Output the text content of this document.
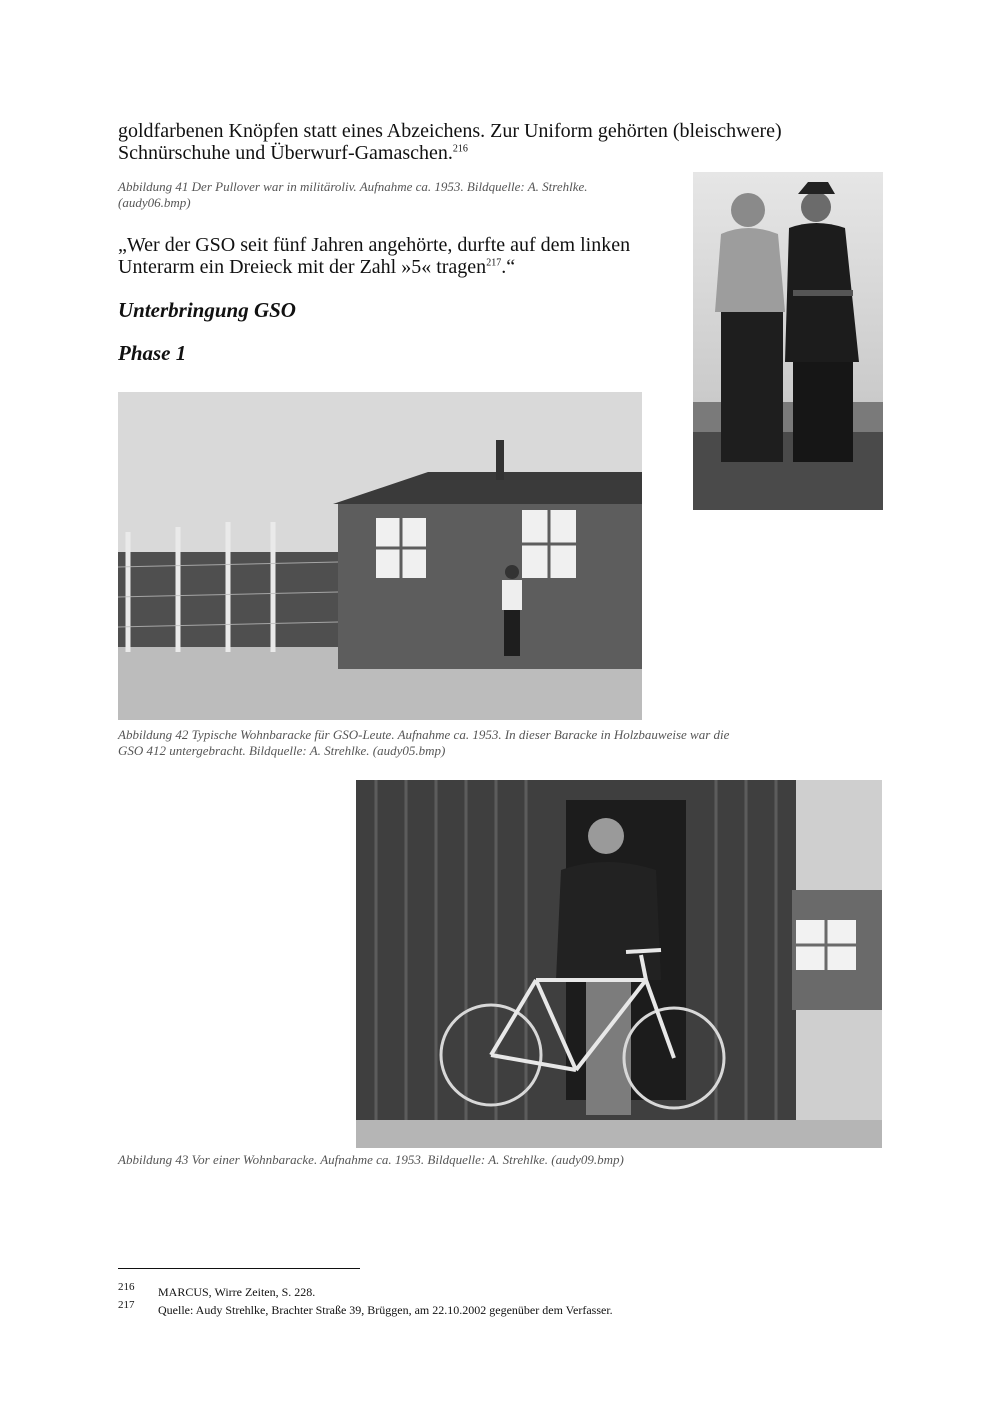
goldfarbenen Knöpfen statt eines Abzeichens. Zur Uniform gehörten (bleischwere)
Schnürschuhe und Überwurf-Gamaschen.$^{216}$
Abbildung 41 Der Pullover war in militäroliv. Aufnahme ca. 1953. Bildquelle: A. Strehlke.
(audy06.bmp)
„Wer der GSO seit fünf Jahren angehörte, durfte auf dem linken
Unterarm ein Dreieck mit der Zahl »5« tragen$^{217}$.“
Unterbringung GSO
Phase 1
Abbildung 42 Typische Wohnbaracke für GSO-Leute. Aufnahme ca. 1953. In dieser Baracke in Holzbauweise war die
GSO 412 untergebracht. Bildquelle: A. Strehlke. (audy05.bmp)
Abbildung 43 Vor einer Wohnbaracke. Aufnahme ca. 1953. Bildquelle: A. Strehlke. (audy09.bmp)
216 MARCUS, Wirre Zeiten, S. 228.
217 Quelle: Audy Strehlke, Brachter Straße 39, Brüggen, am 22.10.2002 gegenüber dem Verfasser.
